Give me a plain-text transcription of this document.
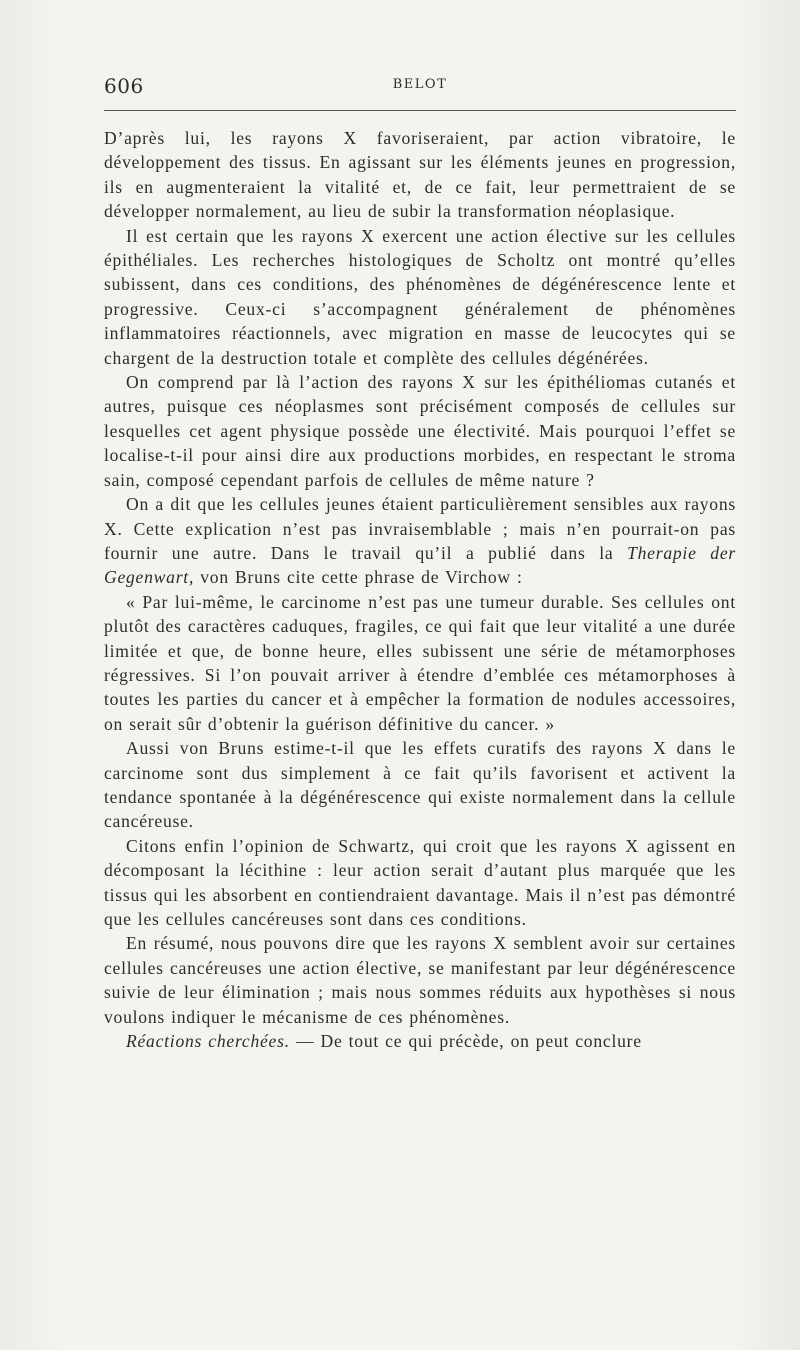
606	BELOT

D’après lui, les rayons X favoriseraient, par action vibratoire, le développement des tissus. En agissant sur les éléments jeunes en progression, ils en augmenteraient la vitalité et, de ce fait, leur permettraient de se développer normalement, au lieu de subir la transformation néoplasique.

Il est certain que les rayons X exercent une action élective sur les cellules épithéliales. Les recherches histologiques de Scholtz ont montré qu’elles subissent, dans ces conditions, des phénomènes de dégénérescence lente et progressive. Ceux-ci s’accompagnent généralement de phénomènes inflammatoires réactionnels, avec migration en masse de leucocytes qui se chargent de la destruction totale et complète des cellules dégénérées.

On comprend par là l’action des rayons X sur les épithéliomas cutanés et autres, puisque ces néoplasmes sont précisément composés de cellules sur lesquelles cet agent physique possède une électivité. Mais pourquoi l’effet se localise-t-il pour ainsi dire aux productions morbides, en respectant le stroma sain, composé cependant parfois de cellules de même nature ?

On a dit que les cellules jeunes étaient particulièrement sensibles aux rayons X. Cette explication n’est pas invraisemblable ; mais n’en pourrait-on pas fournir une autre. Dans le travail qu’il a publié dans la Therapie der Gegenwart, von Bruns cite cette phrase de Virchow :

« Par lui-même, le carcinome n’est pas une tumeur durable. Ses cellules ont plutôt des caractères caduques, fragiles, ce qui fait que leur vitalité a une durée limitée et que, de bonne heure, elles subissent une série de métamorphoses régressives. Si l’on pouvait arriver à étendre d’emblée ces métamorphoses à toutes les parties du cancer et à empêcher la formation de nodules accessoires, on serait sûr d’obtenir la guérison définitive du cancer. »

Aussi von Bruns estime-t-il que les effets curatifs des rayons X dans le carcinome sont dus simplement à ce fait qu’ils favorisent et activent la tendance spontanée à la dégénérescence qui existe normalement dans la cellule cancéreuse.

Citons enfin l’opinion de Schwartz, qui croit que les rayons X agissent en décomposant la lécithine : leur action serait d’autant plus marquée que les tissus qui les absorbent en contiendraient davantage. Mais il n’est pas démontré que les cellules cancéreuses sont dans ces conditions.

En résumé, nous pouvons dire que les rayons X semblent avoir sur certaines cellules cancéreuses une action élective, se manifestant par leur dégénérescence suivie de leur élimination ; mais nous sommes réduits aux hypothèses si nous voulons indiquer le mécanisme de ces phénomènes.

Réactions cherchées. — De tout ce qui précède, on peut conclure
